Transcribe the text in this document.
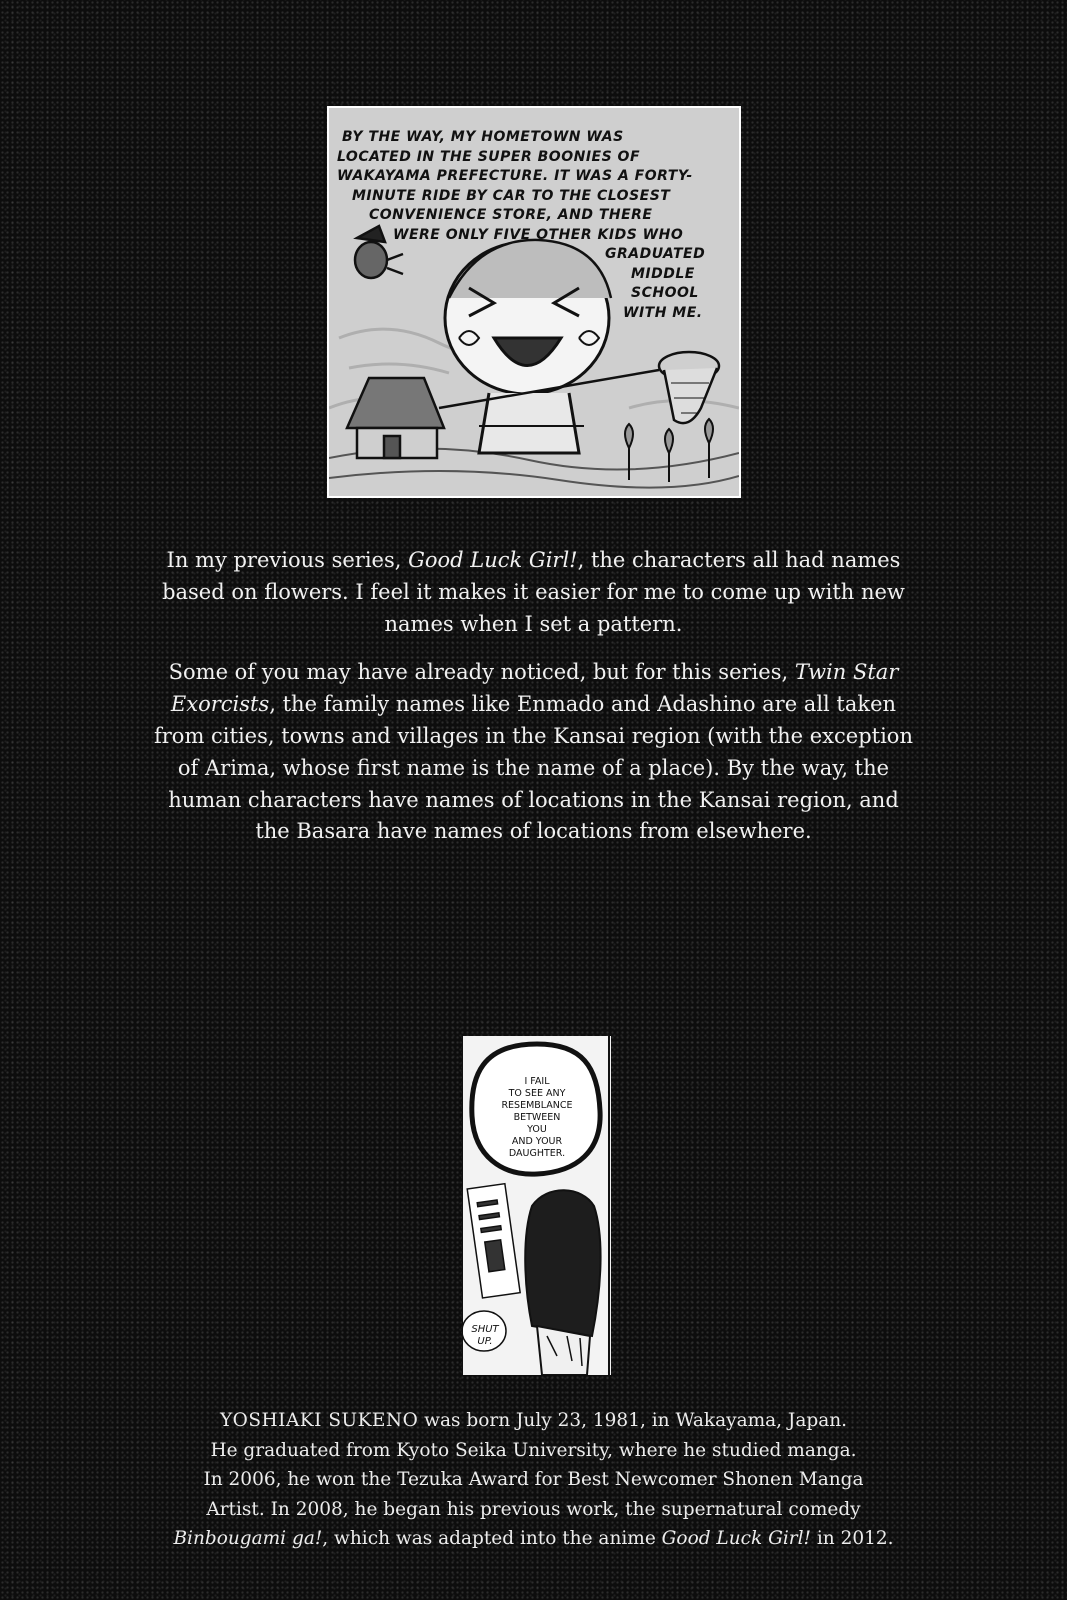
BY THE WAY, MY HOMETOWN WAS
LOCATED IN THE SUPER BOONIES OF
WAKAYAMA PREFECTURE. IT WAS A FORTY-
MINUTE RIDE BY CAR TO THE CLOSEST
CONVENIENCE STORE, AND THERE
WERE ONLY FIVE OTHER KIDS WHO
GRADUATED
MIDDLE
SCHOOL
WITH ME.

In my previous series, Good Luck Girl!, the characters all had names based on flowers. I feel it makes it easier for me to come up with new names when I set a pattern.

Some of you may have already noticed, but for this series, Twin Star Exorcists, the family names like Enmado and Adashino are all taken from cities, towns and villages in the Kansai region (with the exception of Arima, whose first name is the name of a place). By the way, the human characters have names of locations in the Kansai region, and the Basara have names of locations from elsewhere.

I FAIL
TO SEE ANY
RESEMBLANCE
BETWEEN
YOU
AND YOUR
DAUGHTER.
SHUT
UP.
YOSHIAKI SUKENO was born July 23, 1981, in Wakayama, Japan.
He graduated from Kyoto Seika University, where he studied manga.
In 2006, he won the Tezuka Award for Best Newcomer Shonen Manga
Artist. In 2008, he began his previous work, the supernatural comedy
Binbougami ga!, which was adapted into the anime Good Luck Girl! in 2012.
